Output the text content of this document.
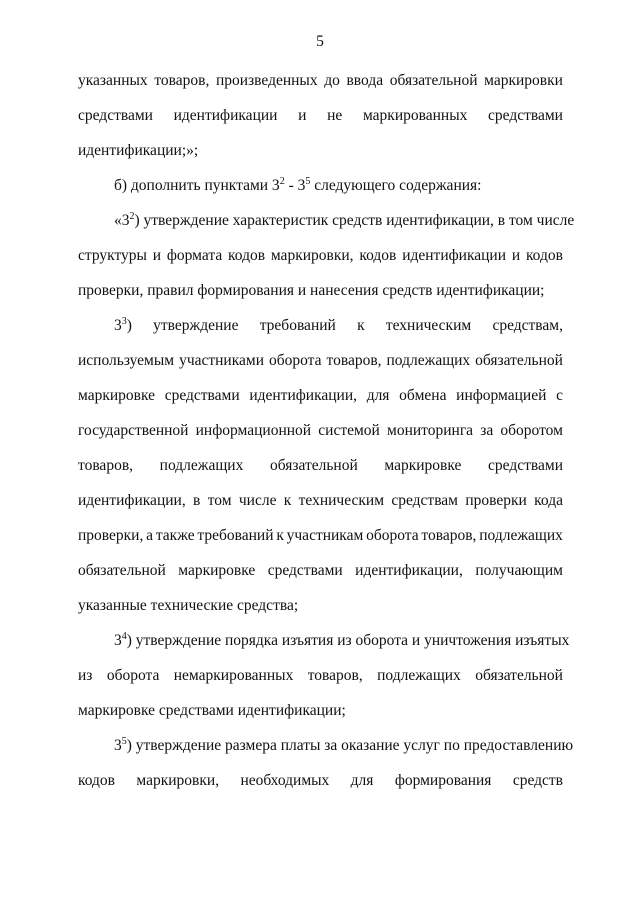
5
указанных товаров, произведенных до ввода обязательной маркировки
средствами идентификации и не маркированных средствами
идентификации;»;
б) дополнить пунктами $3^2 - 3^5$ следующего содержания:
«$3^2$) утверждение характеристик средств идентификации, в том числе
структуры и формата кодов маркировки, кодов идентификации и кодов
проверки, правил формирования и нанесения средств идентификации;
$3^3$) утверждение требований к техническим средствам,
используемым участниками оборота товаров, подлежащих обязательной
маркировке средствами идентификации, для обмена информацией с
государственной информационной системой мониторинга за оборотом
товаров, подлежащих обязательной маркировке средствами
идентификации, в том числе к техническим средствам проверки кода
проверки, а также требований к участникам оборота товаров, подлежащих
обязательной маркировке средствами идентификации, получающим
указанные технические средства;
$3^4$) утверждение порядка изъятия из оборота и уничтожения изъятых
из оборота немаркированных товаров, подлежащих обязательной
маркировке средствами идентификации;
$3^5$) утверждение размера платы за оказание услуг по предоставлению
кодов маркировки, необходимых для формирования средств
